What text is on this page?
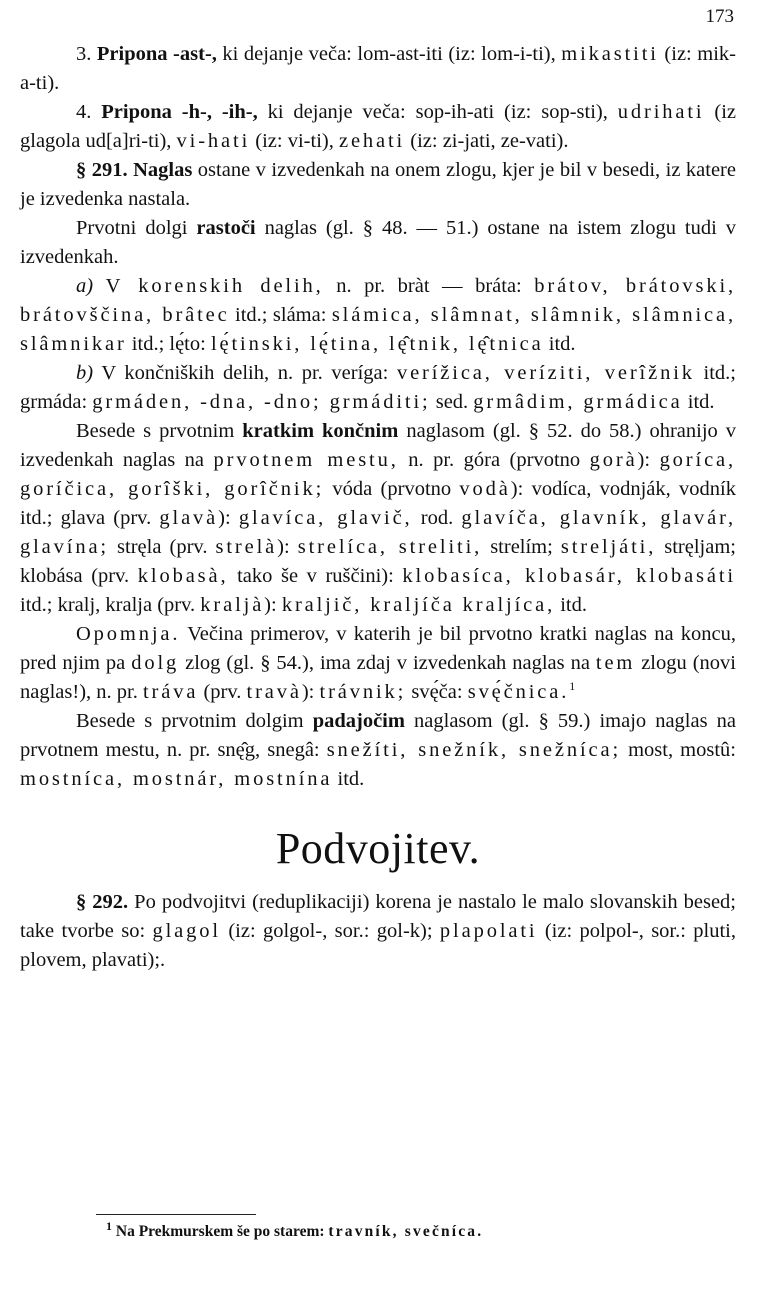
173

3. Pripona -ast-, ki dejanje veča: lom-ast-iti (iz: lom-i-ti), mikastiti (iz: mik-a-ti).

4. Pripona -h-, -ih-, ki dejanje veča: sop-ih-ati (iz: sop-sti), udrihati (iz glagola ud[a]ri-ti), vi-hati (iz: vi-ti), zehati (iz: zi-jati, ze-vati).

§ 291. Naglas ostane v izvedenkah na onem zlogu, kjer je bil v besedi, iz katere je izvedenka nastala.

Prvotni dolgi rastoči naglas (gl. § 48. — 51.) ostane na istem zlogu tudi v izvedenkah.

a) V korenskih delih, n. pr. bràt — bráta: brátov, brátovski, brátovščina, brâtec itd.; sláma: slámica, slâmnat, slâmnik, slâmnica, slâmnikar itd.; lę́to: lę́tinski, lę́tina, lę̂tnik, lę̂tnica itd.

b) V končniških delih, n. pr. veríga: verížica, veríziti, verîžnik itd.; grmáda: grmáden, -dna, -dno; grmáditi; sed. grmâdim, grmádica itd.

Besede s prvotnim kratkim končnim naglasom (gl. § 52. do 58.) ohranijo v izvedenkah naglas na prvotnem mestu, n. pr. góra (prvotno gorà): goríca, goríčica, gorîški, gorîčnik; vóda (prvotno vodà): vodíca, vodnják, vodník itd.; glava (prv. glavà): glavíca, glavič, rod. glavíča, glavník, glavár, glavína; stręla (prv. strelà): strelíca, streliti, strelím; streljáti, stręljam; klobása (prv. klobasà, tako še v ruščini): klobasíca, klobasár, klobasáti itd.; kralj, kralja (prv. kraljà): kraljič, kraljíča kraljíca, itd.

Opomnja. Večina primerov, v katerih je bil prvotno kratki naglas na koncu, pred njim pa dolg zlog (gl. § 54.), ima zdaj v izvedenkah naglas na tem zlogu (novi naglas!), n. pr. tráva (prv. travà): trávnik; svę́ča: svę́čnica.$^1$

Besede s prvotnim dolgim padajočim naglasom (gl. § 59.) imajo naglas na prvotnem mestu, n. pr. snę̂g, snegâ: snežíti, snežník, snežníca; most, mostû: mostníca, mostnár, mostnína itd.

Podvojitev.

§ 292. Po podvojitvi (reduplikaciji) korena je nastalo le malo slovanskih besed; take tvorbe so: glagol (iz: golgol-, sor.: gol-k); plapolati (iz: polpol-, sor.: pluti, plovem, plavati);.

$^1$ Na Prekmurskem še po starem: travník, svečníca.
